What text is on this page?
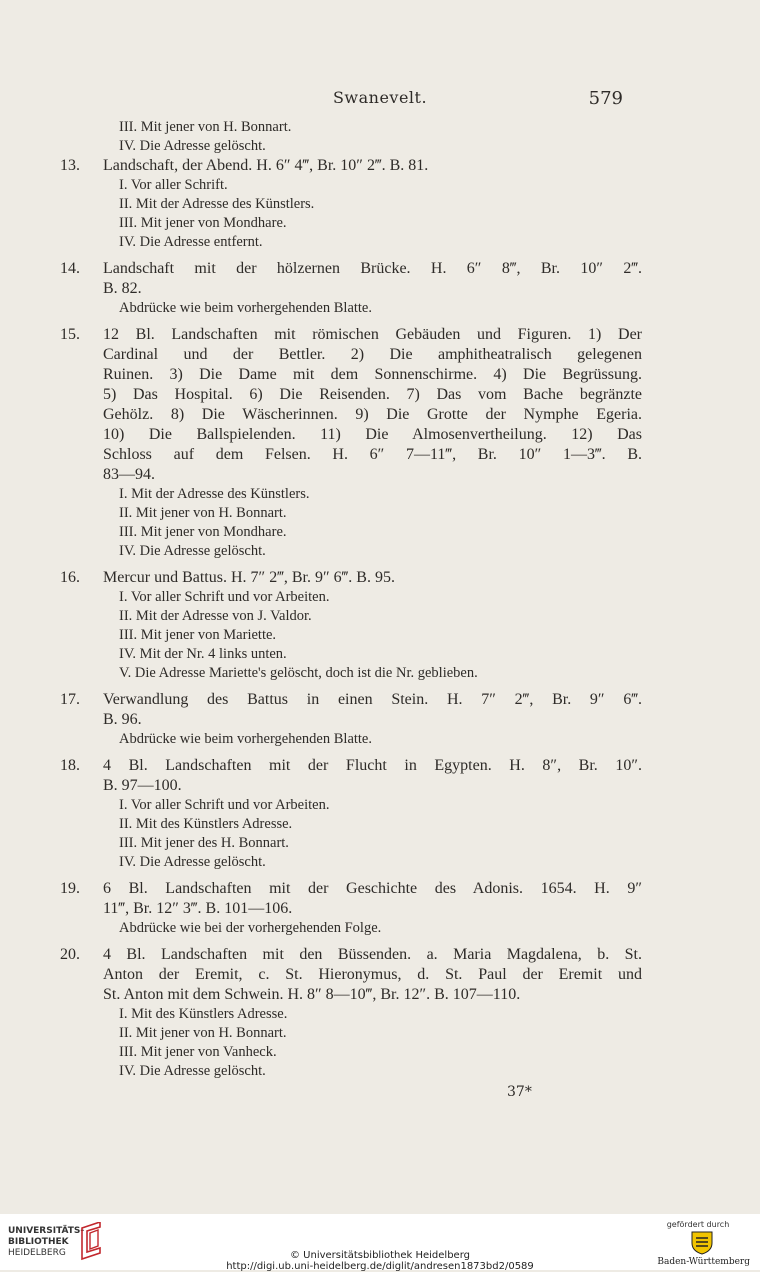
Swanevelt.	579
III. Mit jener von H. Bonnart.
IV. Die Adresse gelöscht.
13.	Landschaft, der Abend. H. 6″ 4‴, Br. 10″ 2‴. B. 81.
I. Vor aller Schrift.
II. Mit der Adresse des Künstlers.
III. Mit jener von Mondhare.
IV. Die Adresse entfernt.
14.	Landschaft mit der hölzernen Brücke. H. 6″ 8‴, Br. 10″ 2‴.
B. 82.
Abdrücke wie beim vorhergehenden Blatte.
15.	12 Bl. Landschaften mit römischen Gebäuden und Figuren. 1) Der
Cardinal und der Bettler. 2) Die amphitheatralisch gelegenen
Ruinen. 3) Die Dame mit dem Sonnenschirme. 4) Die Begrüssung.
5) Das Hospital. 6) Die Reisenden. 7) Das vom Bache begränzte
Gehölz. 8) Die Wäscherinnen. 9) Die Grotte der Nymphe Egeria.
10) Die Ballspielenden. 11) Die Almosenvertheilung. 12) Das
Schloss auf dem Felsen. H. 6″ 7—11‴, Br. 10″ 1—3‴. B.
83—94.
I. Mit der Adresse des Künstlers.
II. Mit jener von H. Bonnart.
III. Mit jener von Mondhare.
IV. Die Adresse gelöscht.
16.	Mercur und Battus. H. 7″ 2‴, Br. 9″ 6‴. B. 95.
I. Vor aller Schrift und vor Arbeiten.
II. Mit der Adresse von J. Valdor.
III. Mit jener von Mariette.
IV. Mit der Nr. 4 links unten.
V. Die Adresse Mariette's gelöscht, doch ist die Nr. geblieben.
17.	Verwandlung des Battus in einen Stein. H. 7″ 2‴, Br. 9″ 6‴.
B. 96.
Abdrücke wie beim vorhergehenden Blatte.
18.	4 Bl. Landschaften mit der Flucht in Egypten. H. 8″, Br. 10″.
B. 97—100.
I. Vor aller Schrift und vor Arbeiten.
II. Mit des Künstlers Adresse.
III. Mit jener des H. Bonnart.
IV. Die Adresse gelöscht.
19.	6 Bl. Landschaften mit der Geschichte des Adonis. 1654. H. 9″
11‴, Br. 12″ 3‴. B. 101—106.
Abdrücke wie bei der vorhergehenden Folge.
20.	4 Bl. Landschaften mit den Büssenden. a. Maria Magdalena, b. St.
Anton der Eremit, c. St. Hieronymus, d. St. Paul der Eremit und
St. Anton mit dem Schwein. H. 8″ 8—10‴, Br. 12″. B. 107—110.
I. Mit des Künstlers Adresse.
II. Mit jener von H. Bonnart.
III. Mit jener von Vanheck.
IV. Die Adresse gelöscht.
37*
UNIVERSITÄTS-
BIBLIOTHEK
HEIDELBERG	© Universitätsbibliothek Heidelberg
http://digi.ub.uni-heidelberg.de/diglit/andresen1873bd2/0589
gefördert durch
Baden-Württemberg
